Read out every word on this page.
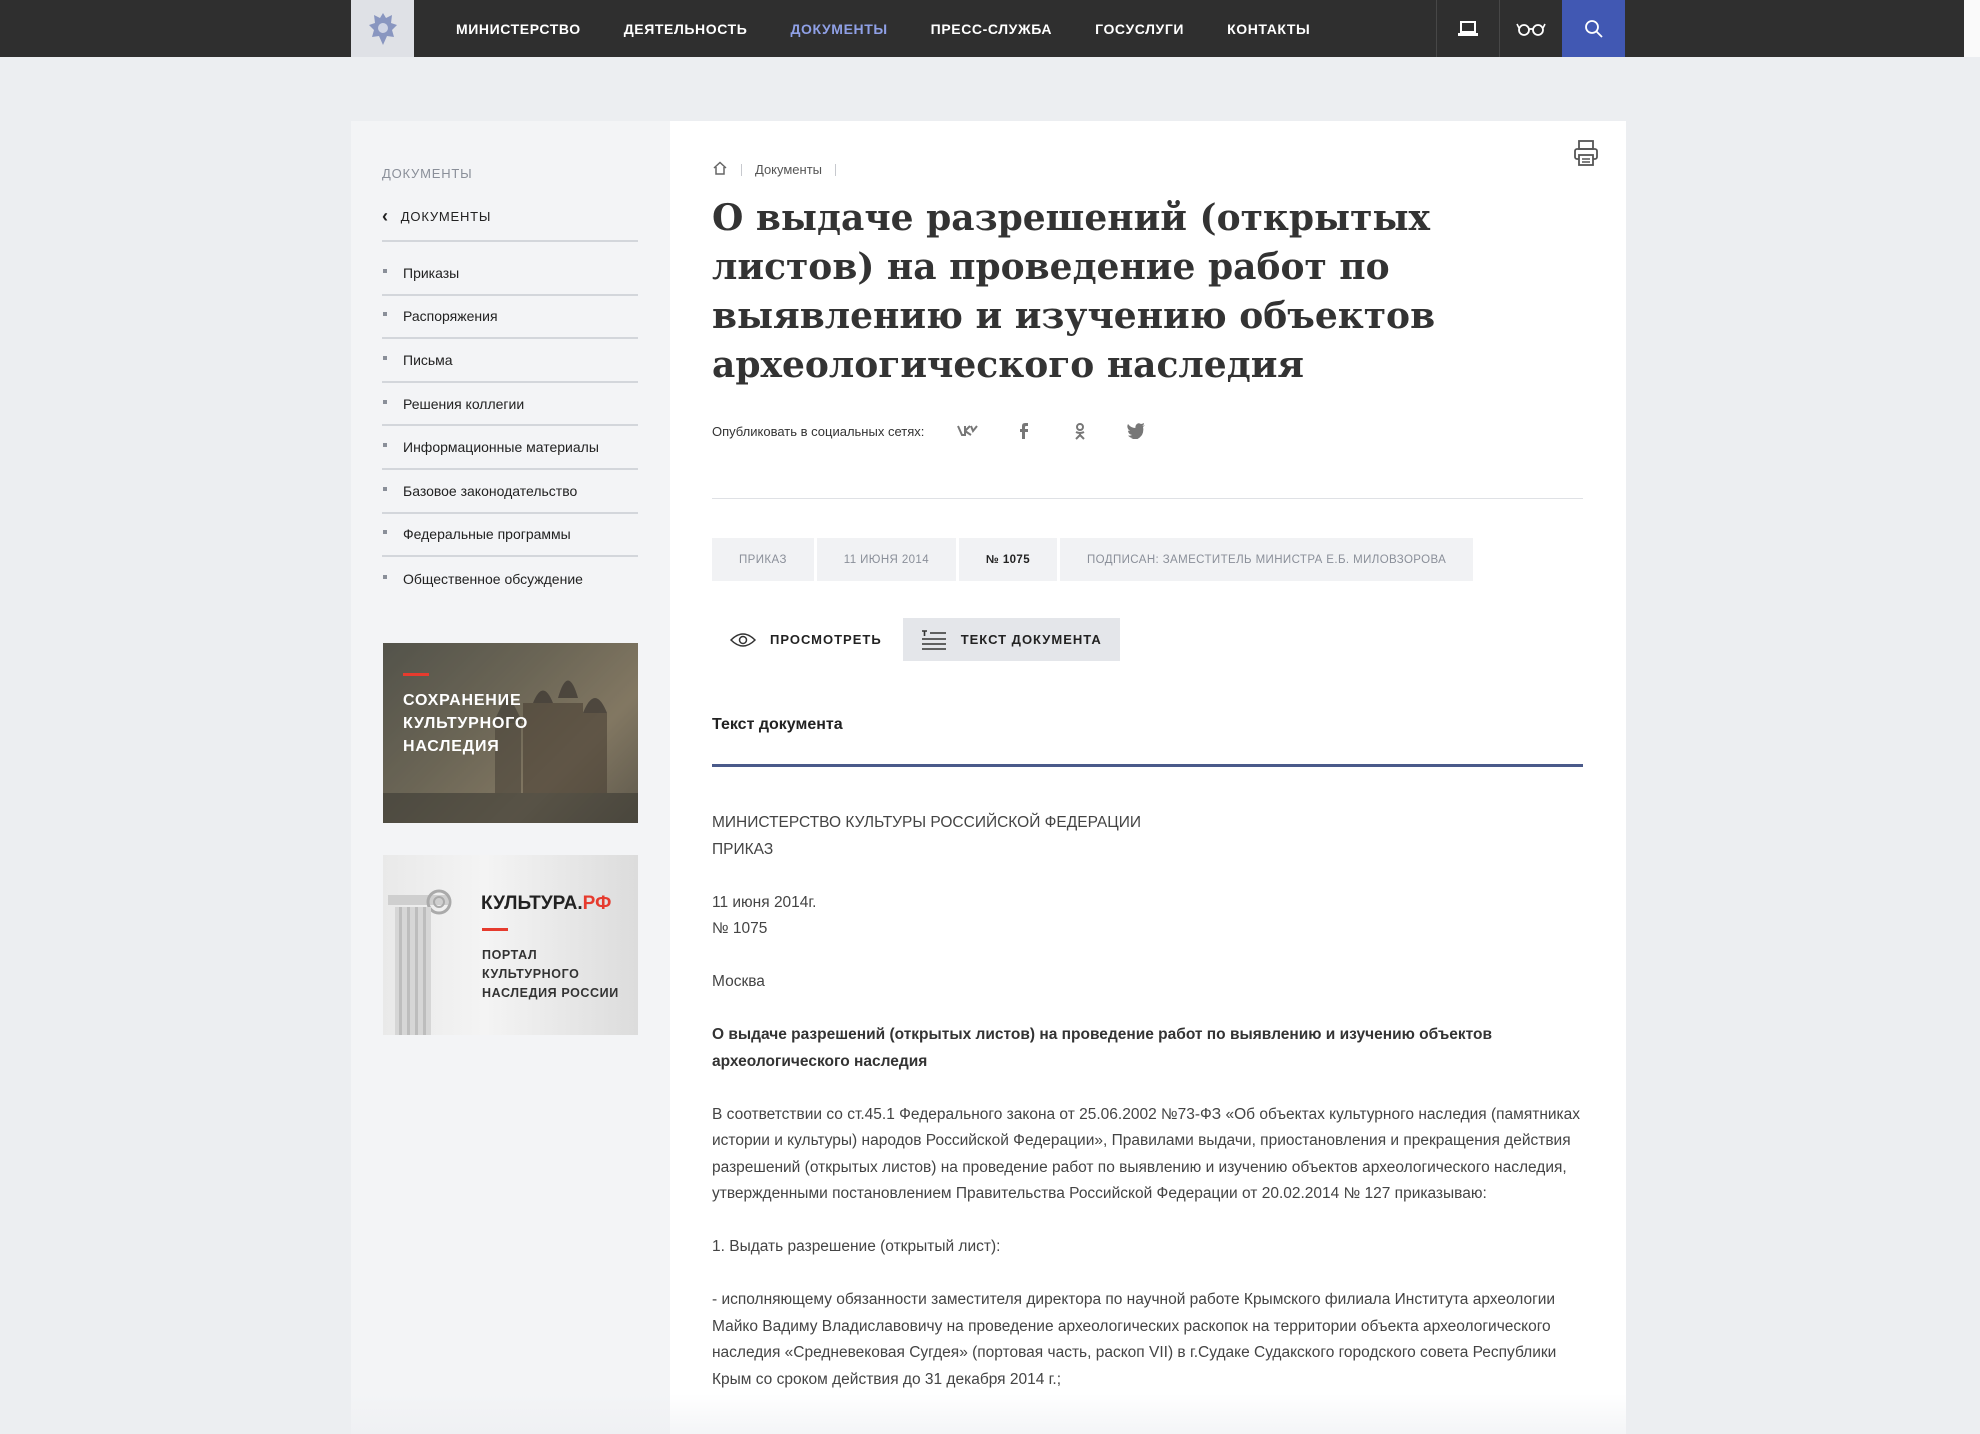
МИНИСТЕРСТВО	ДЕЯТЕЛЬНОСТЬ	ДОКУМЕНТЫ	ПРЕСС-СЛУЖБА	ГОСУСЛУГИ	КОНТАКТЫ
ДОКУМЕНТЫ
‹ ДОКУМЕНТЫ
Приказы
Распоряжения
Письма
Решения коллегии
Информационные материалы
Базовое законодательство
Федеральные программы
Общественное обсуждение
СОХРАНЕНИЕ
КУЛЬТУРНОГО
НАСЛЕДИЯ
КУЛЬТУРА.РФ
ПОРТАЛ
КУЛЬТУРНОГО
НАСЛЕДИЯ РОССИИ
Документы
О выдаче разрешений (открытых листов) на проведение работ по выявлению и изучению объектов археологического наследия
Опубликовать в социальных сетях:
ПРИКАЗ	11 ИЮНЯ 2014	№ 1075	ПОДПИСАН: ЗАМЕСТИТЕЛЬ МИНИСТРА Е.Б. МИЛОВЗОРОВА
ПРОСМОТРЕТЬ	ТЕКСТ ДОКУМЕНТА
Текст документа

МИНИСТЕРСТВО КУЛЬТУРЫ РОССИЙСКОЙ ФЕДЕРАЦИИ
ПРИКАЗ

11 июня 2014г.
№ 1075

Москва

О выдаче разрешений (открытых листов) на проведение работ по выявлению и изучению объектов археологического наследия

В соответствии со ст.45.1 Федерального закона от 25.06.2002 №73-ФЗ «Об объектах культурного наследия (памятниках истории и культуры) народов Российской Федерации», Правилами выдачи, приостановления и прекращения действия разрешений (открытых листов) на проведение работ по выявлению и изучению объектов археологического наследия, утвержденными постановлением Правительства Российской Федерации от 20.02.2014 № 127 приказываю:

1. Выдать разрешение (открытый лист):

- исполняющему обязанности заместителя директора по научной работе Крымского филиала Института археологии Майко Вадиму Владиславовичу на проведение археологических раскопок на территории объекта археологического наследия «Средневековая Сугдея» (портовая часть, раскоп VII) в г.Судаке Судакского городского совета Республики Крым со сроком действия до 31 декабря 2014 г.;
